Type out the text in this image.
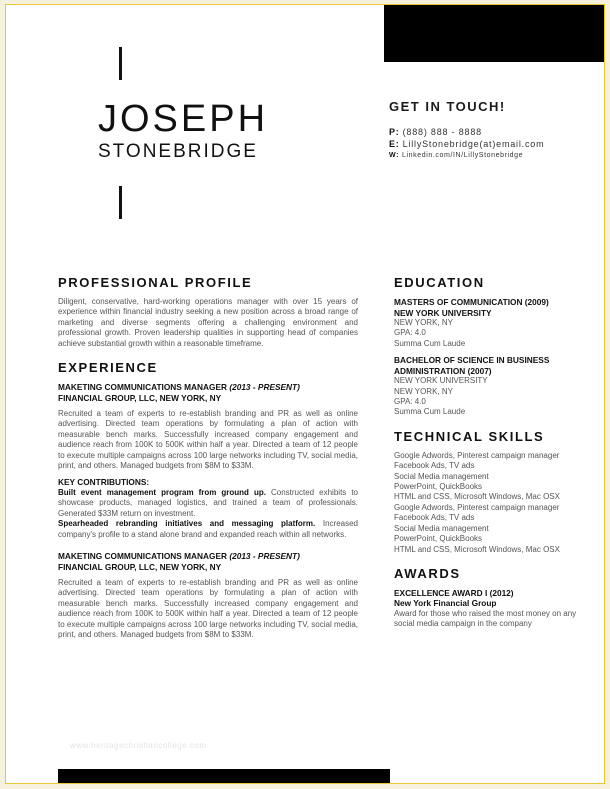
JOSEPH
STONEBRIDGE
GET IN TOUCH!
P: (888) 888 - 8888
E: LillyStonebridge(at)email.com
W: Linkedin.com/IN/LillyStonebridge
PROFESSIONAL PROFILE

Diligent, conservative, hard-working operations manager with over 15 years of experience within financial industry seeking a new position across a broad range of marketing and diverse segments offering a challenging environment and professional growth. Proven leadership qualities in supporting head of companies achieve substantial growth within a reasonable timeframe.

EXPERIENCE
MAKETING COMMUNICATIONS MANAGER (2013 - PRESENT)
FINANCIAL GROUP, LLC, NEW YORK, NY

Recruited a team of experts to re-establish branding and PR as well as online advertising. Directed team operations by formulating a plan of action with measurable bench marks. Successfully increased company engagement and audience reach from 100K to 500K within half a year. Directed a team of 12 people to execute multiple campaigns across 100 large networks including TV, social media, print, and others. Managed budgets from $8M to $33M.

KEY CONTRIBUTIONS:
Built event management program from ground up. Constructed exhibits to showcase products, managed logistics, and trained a team of professionals. Generated $33M return on investment.
Spearheaded rebranding initiatives and messaging platform. Increased company's profile to a stand alone brand and expanded reach within all networks.
MAKETING COMMUNICATIONS MANAGER (2013 - PRESENT)
FINANCIAL GROUP, LLC, NEW YORK, NY

Recruited a team of experts to re-establish branding and PR as well as online advertising. Directed team operations by formulating a plan of action with measurable bench marks. Successfully increased company engagement and audience reach from 100K to 500K within half a year. Directed a team of 12 people to execute multiple campaigns across 100 large networks including TV, social media, print, and others. Managed budgets from $8M to $33M.

EDUCATION
MASTERS OF COMMUNICATION (2009)
NEW YORK UNIVERSITY
NEW YORK, NY
GPA: 4.0
Summa Cum Laude
BACHELOR OF SCIENCE IN BUSINESS ADMINISTRATION (2007)
NEW YORK UNIVERSITY
NEW YORK, NY
GPA: 4.0
Summa Cum Laude
TECHNICAL SKILLS
Google Adwords, Pinterest campaign manager
Facebook Ads, TV ads
Social Media management
PowerPoint, QuickBooks
HTML and CSS, Microsoft Windows, Mac OSX
Google Adwords, Pinterest campaign manager
Facebook Ads, TV ads
Social Media management
PowerPoint, QuickBooks
HTML and CSS, Microsoft Windows, Mac OSX
AWARDS
EXCELLENCE AWARD I (2012)
New York Financial Group
Award for those who raised the most money on any social media campaign in the company
www.heritagechristiancollege.com
